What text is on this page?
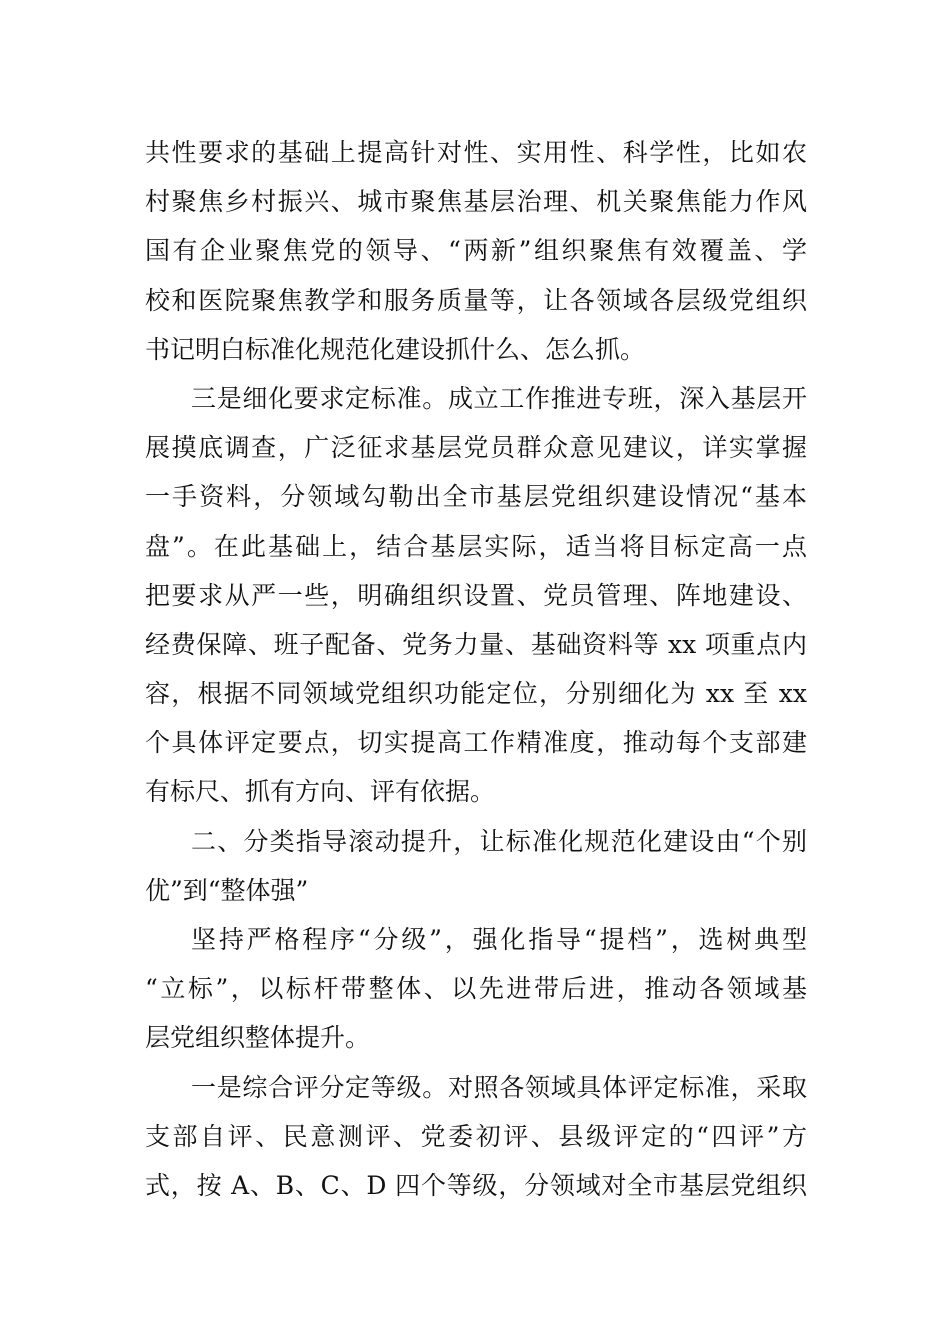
共性要求的基础上提高针对性、实用性、科学性，比如农
村聚焦乡村振兴、城市聚焦基层治理、机关聚焦能力作风
国有企业聚焦党的领导、“两新”组织聚焦有效覆盖、学
校和医院聚焦教学和服务质量等，让各领域各层级党组织
书记明白标准化规范化建设抓什么、怎么抓。
三是细化要求定标准。成立工作推进专班，深入基层开
展摸底调查，广泛征求基层党员群众意见建议，详实掌握
一手资料，分领域勾勒出全市基层党组织建设情况“基本
盘”。在此基础上，结合基层实际，适当将目标定高一点
把要求从严一些，明确组织设置、党员管理、阵地建设、
经费保障、班子配备、党务力量、基础资料等 xx 项重点内
容，根据不同领域党组织功能定位，分别细化为 xx 至 xx
个具体评定要点，切实提高工作精准度，推动每个支部建
有标尺、抓有方向、评有依据。
二、分类指导滚动提升，让标准化规范化建设由“个别
优”到“整体强”
坚持严格程序“分级”，强化指导“提档”，选树典型
“立标”，以标杆带整体、以先进带后进，推动各领域基
层党组织整体提升。
一是综合评分定等级。对照各领域具体评定标准，采取
支部自评、民意测评、党委初评、县级评定的“四评”方
式，按 A、B、C、D 四个等级，分领域对全市基层党组织
